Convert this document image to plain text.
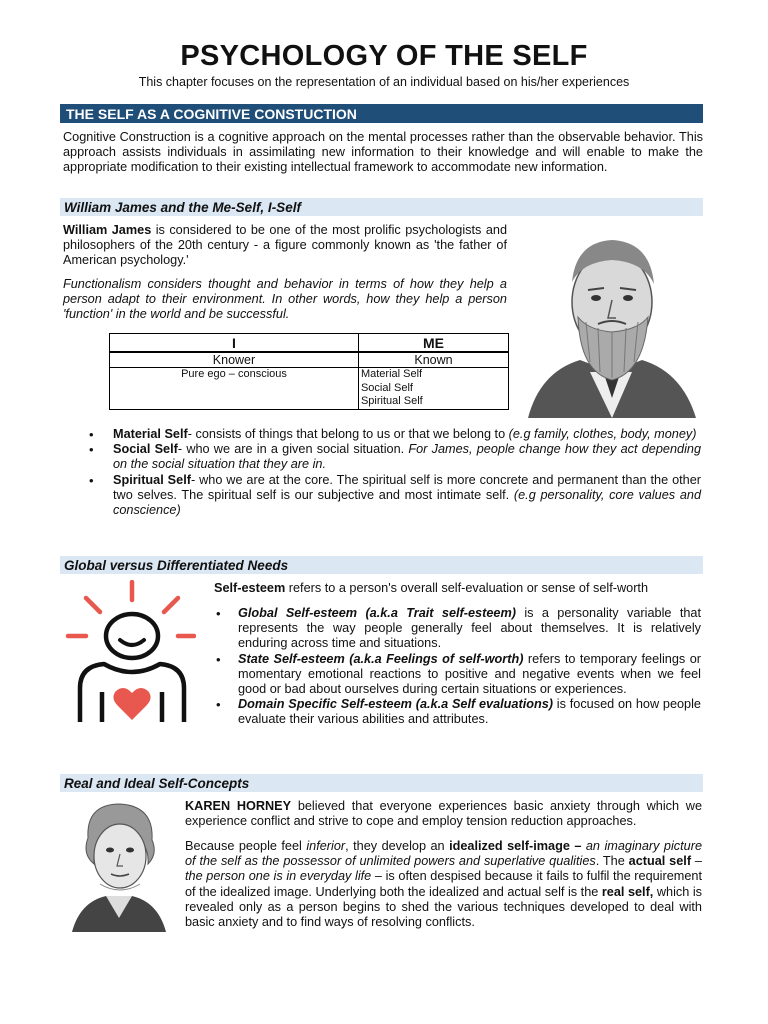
PSYCHOLOGY OF THE SELF
This chapter focuses on the representation of an individual based on his/her experiences
THE SELF AS A COGNITIVE CONSTUCTION

Cognitive Construction is a cognitive approach on the mental processes rather than the observable behavior. This approach assists individuals in assimilating new information to their knowledge and will enable to make the appropriate modification to their existing intellectual framework to accommodate new information.

William James and the Me-Self, I-Self

William James is considered to be one of the most prolific psychologists and philosophers of the 20th century - a figure commonly known as 'the father of American psychology.'

Functionalism considers thought and behavior in terms of how they help a person adapt to their environment. In other words, how they help a person 'function' in the world and be successful.

I	ME
Knower	Known
Pure ego – conscious	Material Self
Social Self
Spiritual Self
• Material Self- consists of things that belong to us or that we belong to (e.g family, clothes, body, money)
• Social Self- who we are in a given social situation. For James, people change how they act depending on the social situation that they are in.
• Spiritual Self- who we are at the core. The spiritual self is more concrete and permanent than the other two selves. The spiritual self is our subjective and most intimate self. (e.g personality, core values and conscience)
Global versus Differentiated Needs

Self-esteem refers to a person's overall self-evaluation or sense of self-worth

• Global Self-esteem (a.k.a Trait self-esteem) is a personality variable that represents the way people generally feel about themselves. It is relatively enduring across time and situations.
• State Self-esteem (a.k.a Feelings of self-worth) refers to temporary feelings or momentary emotional reactions to positive and negative events when we feel good or bad about ourselves during certain situations or experiences.
• Domain Specific Self-esteem (a.k.a Self evaluations) is focused on how people evaluate their various abilities and attributes.
Real and Ideal Self-Concepts

KAREN HORNEY believed that everyone experiences basic anxiety through which we experience conflict and strive to cope and employ tension reduction approaches.

Because people feel inferior, they develop an idealized self-image – an imaginary picture of the self as the possessor of unlimited powers and superlative qualities. The actual self – the person one is in everyday life – is often despised because it fails to fulfil the requirement of the idealized image. Underlying both the idealized and actual self is the real self, which is revealed only as a person begins to shed the various techniques developed to deal with basic anxiety and to find ways of resolving conflicts.
